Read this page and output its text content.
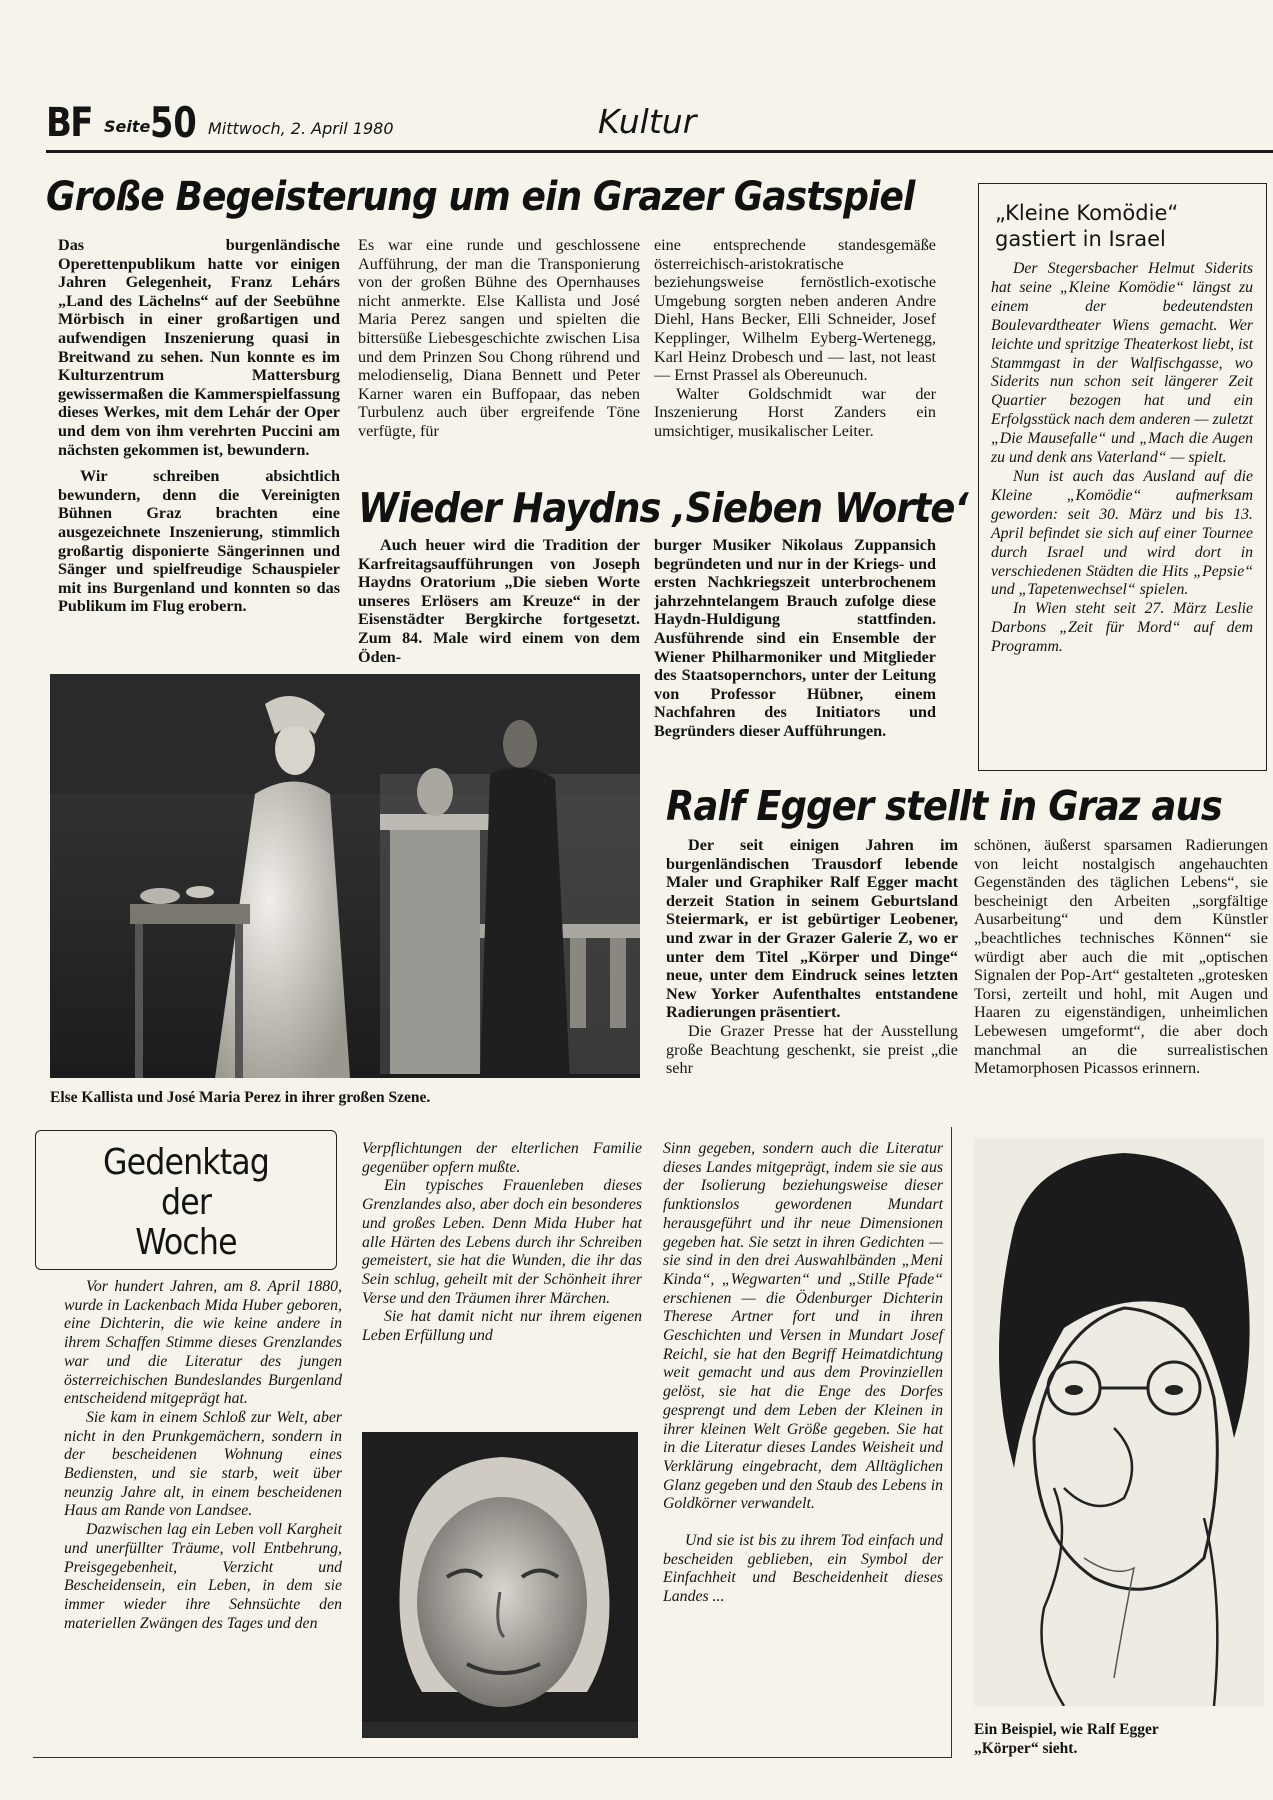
BF Seite 50 Mittwoch, 2. April 1980	Kultur
Große Begeisterung um ein Grazer Gastspiel

Das burgenländische Operettenpublikum hatte vor einigen Jahren Gelegenheit, Franz Lehárs „Land des Lächelns“ auf der Seebühne Mörbisch in einer großartigen und aufwendigen Inszenierung quasi in Breitwand zu sehen. Nun konnte es im Kulturzentrum Mattersburg gewissermaßen die Kammerspielfassung dieses Werkes, mit dem Lehár der Oper und dem von ihm verehrten Puccini am nächsten gekommen ist, bewundern.

Wir schreiben absichtlich bewundern, denn die Vereinigten Bühnen Graz brachten eine ausgezeichnete Inszenierung, stimmlich großartig disponierte Sängerinnen und Sänger und spielfreudige Schauspieler mit ins Burgenland und konnten so das Publikum im Flug erobern.

Es war eine runde und geschlossene Aufführung, der man die Transponierung von der großen Bühne des Opernhauses nicht anmerkte. Else Kallista und José Maria Perez sangen und spielten die bittersüße Liebesgeschichte zwischen Lisa und dem Prinzen Sou Chong rührend und melodienselig, Diana Bennett und Peter Karner waren ein Buffopaar, das neben Turbulenz auch über ergreifende Töne verfügte, für

eine entsprechende standesgemäße österreichisch-aristokratische beziehungsweise fernöstlich-exotische Umgebung sorgten neben anderen Andre Diehl, Hans Becker, Elli Schneider, Josef Kepplinger, Wilhelm Eyberg-Wertenegg, Karl Heinz Drobesch und — last, not least — Ernst Prassel als Obereunuch.

Walter Goldschmidt war der Inszenierung Horst Zanders ein umsichtiger, musikalischer Leiter.

Wieder Haydns ‚Sieben Worte‘

Auch heuer wird die Tradition der Karfreitagsaufführungen von Joseph Haydns Oratorium „Die sieben Worte unseres Erlösers am Kreuze“ in der Eisenstädter Bergkirche fortgesetzt. Zum 84. Male wird einem von dem Öden-

burger Musiker Nikolaus Zuppansich begründeten und nur in der Kriegs- und ersten Nachkriegszeit unterbrochenem jahrzehntelangem Brauch zufolge diese Haydn-Huldigung stattfinden. Ausführende sind ein Ensemble der Wiener Philharmoniker und Mitglieder des Staatsopernchors, unter der Leitung von Professor Hübner, einem Nachfahren des Initiators und Begründers dieser Aufführungen.

Else Kallista und José Maria Perez in ihrer großen Szene.
„Kleine Komödie“
gastiert in Israel

Der Stegersbacher Helmut Siderits hat seine „Kleine Komödie“ längst zu einem der bedeutendsten Boulevardtheater Wiens gemacht. Wer leichte und spritzige Theaterkost liebt, ist Stammgast in der Walfischgasse, wo Siderits nun schon seit längerer Zeit Quartier bezogen hat und ein Erfolgsstück nach dem anderen — zuletzt „Die Mausefalle“ und „Mach die Augen zu und denk ans Vaterland“ — spielt.

Nun ist auch das Ausland auf die Kleine „Komödie“ aufmerksam geworden: seit 30. März und bis 13. April befindet sie sich auf einer Tournee durch Israel und wird dort in verschiedenen Städten die Hits „Pepsie“ und „Tapetenwechsel“ spielen.

In Wien steht seit 27. März Leslie Darbons „Zeit für Mord“ auf dem Programm.

Ralf Egger stellt in Graz aus

Der seit einigen Jahren im burgenländischen Trausdorf lebende Maler und Graphiker Ralf Egger macht derzeit Station in seinem Geburtsland Steiermark, er ist gebürtiger Leobener, und zwar in der Grazer Galerie Z, wo er unter dem Titel „Körper und Dinge“ neue, unter dem Eindruck seines letzten New Yorker Aufenthaltes entstandene Radierungen präsentiert.

Die Grazer Presse hat der Ausstellung große Beachtung geschenkt, sie preist „die sehr

schönen, äußerst sparsamen Radierungen von leicht nostalgisch angehauchten Gegenständen des täglichen Lebens“, sie bescheinigt den Arbeiten „sorgfältige Ausarbeitung“ und dem Künstler „beachtliches technisches Können“ sie würdigt aber auch die mit „optischen Signalen der Pop-Art“ gestalteten „grotesken Torsi, zerteilt und hohl, mit Augen und Haaren zu eigenständigen, unheimlichen Lebewesen umgeformt“, die aber doch manchmal an die surrealistischen Metamorphosen Picassos erinnern.

Ein Beispiel, wie Ralf Egger
„Körper“ sieht.
Gedenktag
der
Woche

Vor hundert Jahren, am 8. April 1880, wurde in Lackenbach Mida Huber geboren, eine Dichterin, die wie keine andere in ihrem Schaffen Stimme dieses Grenzlandes war und die Literatur des jungen österreichischen Bundeslandes Burgenland entscheidend mitgeprägt hat.

Sie kam in einem Schloß zur Welt, aber nicht in den Prunkgemächern, sondern in der bescheidenen Wohnung eines Bediensten, und sie starb, weit über neunzig Jahre alt, in einem bescheidenen Haus am Rande von Landsee.

Dazwischen lag ein Leben voll Kargheit und unerfüllter Träume, voll Entbehrung, Preisgegebenheit, Verzicht und Bescheidensein, ein Leben, in dem sie immer wieder ihre Sehnsüchte den materiellen Zwängen des Tages und den

Verpflichtungen der elterlichen Familie gegenüber opfern mußte.

Ein typisches Frauenleben dieses Grenzlandes also, aber doch ein besonderes und großes Leben. Denn Mida Huber hat alle Härten des Lebens durch ihr Schreiben gemeistert, sie hat die Wunden, die ihr das Sein schlug, geheilt mit der Schönheit ihrer Verse und den Träumen ihrer Märchen.

Sie hat damit nicht nur ihrem eigenen Leben Erfüllung und

Sinn gegeben, sondern auch die Literatur dieses Landes mitgeprägt, indem sie sie aus der Isolierung beziehungsweise dieser funktionslos gewordenen Mundart herausgeführt und ihr neue Dimensionen gegeben hat. Sie setzt in ihren Gedichten — sie sind in den drei Auswahlbänden „Meni Kinda“, „Wegwarten“ und „Stille Pfade“ erschienen — die Ödenburger Dichterin Therese Artner fort und in ihren Geschichten und Versen in Mundart Josef Reichl, sie hat den Begriff Heimatdichtung weit gemacht und aus dem Provinziellen gelöst, sie hat die Enge des Dorfes gesprengt und dem Leben der Kleinen in ihrer kleinen Welt Größe gegeben. Sie hat in die Literatur dieses Landes Weisheit und Verklärung eingebracht, dem Alltäglichen Glanz gegeben und den Staub des Lebens in Goldkörner verwandelt.

Und sie ist bis zu ihrem Tod einfach und bescheiden geblieben, ein Symbol der Einfachheit und Bescheidenheit dieses Landes ...
